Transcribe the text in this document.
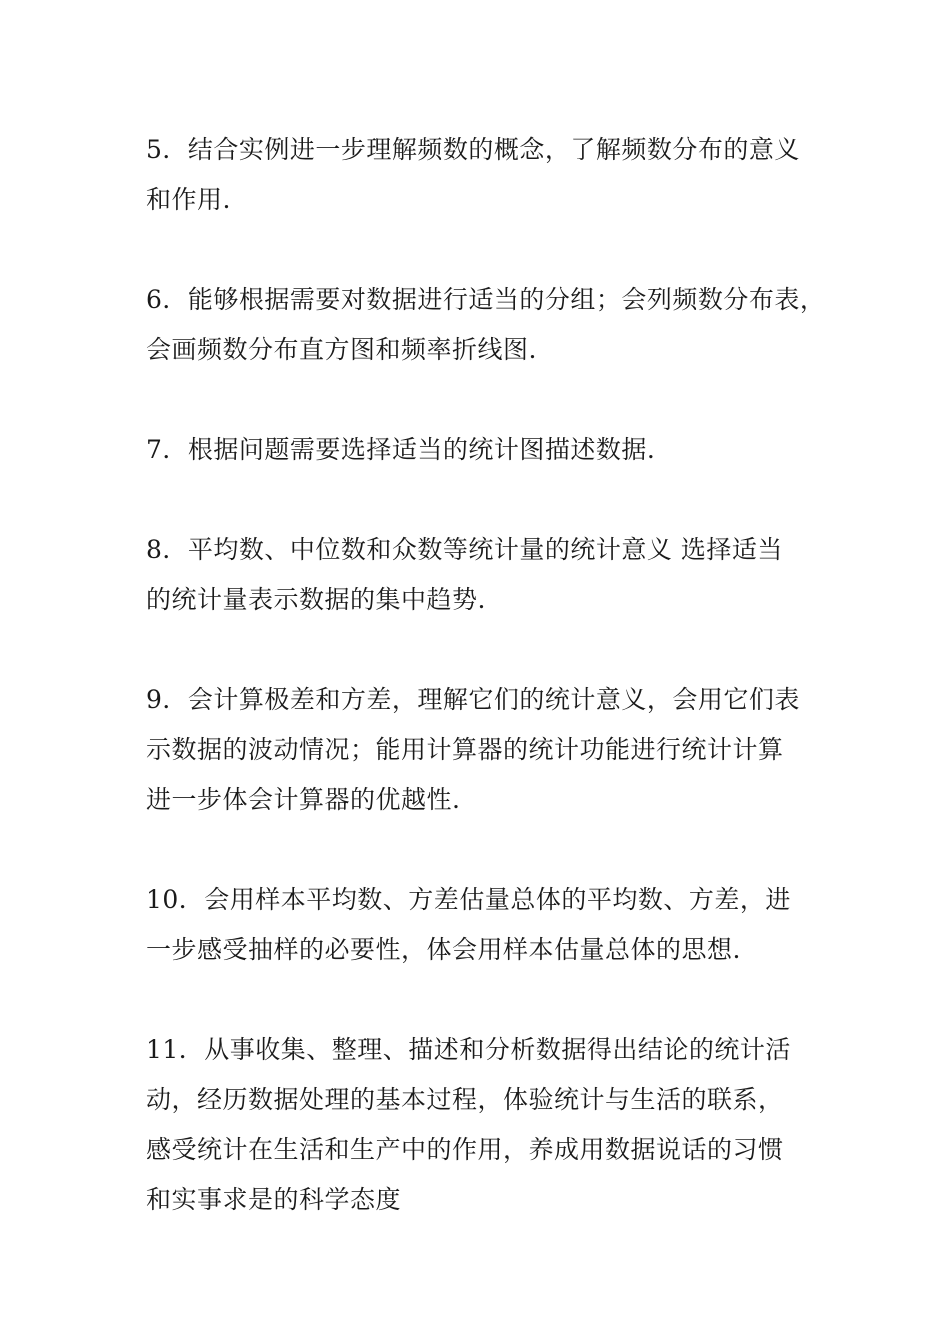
5．结合实例进一步理解频数的概念，了解频数分布的意义
和作用.

6．能够根据需要对数据进行适当的分组；会列频数分布表，
会画频数分布直方图和频率折线图.

7．根据问题需要选择适当的统计图描述数据.

8．平均数、中位数和众数等统计量的统计意义 选择适当
的统计量表示数据的集中趋势.

9．会计算极差和方差，理解它们的统计意义，会用它们表
示数据的波动情况；能用计算器的统计功能进行统计计算
进一步体会计算器的优越性.

10．会用样本平均数、方差估量总体的平均数、方差，进
一步感受抽样的必要性，体会用样本估量总体的思想.

11．从事收集、整理、描述和分析数据得出结论的统计活
动，经历数据处理的基本过程，体验统计与生活的联系，
感受统计在生活和生产中的作用，养成用数据说话的习惯
和实事求是的科学态度
